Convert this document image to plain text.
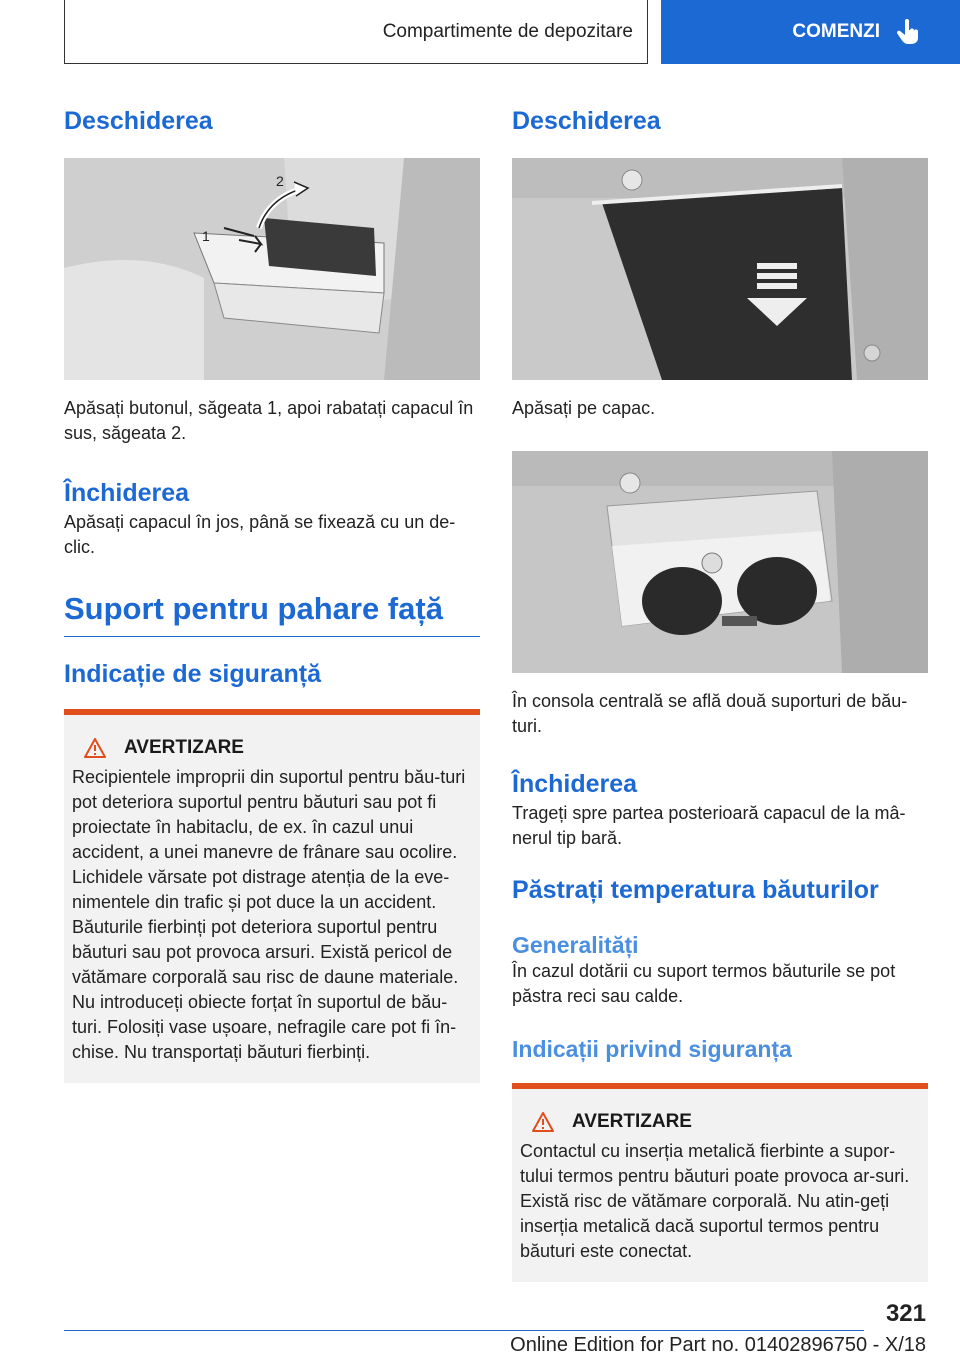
Compartimente de depozitare	COMENZI
Deschiderea
1
2

Apăsați butonul, săgeata 1, apoi rabatați capacul în sus, săgeata 2.

Închiderea

Apăsați capacul în jos, până se fixează cu un de-clic.

Suport pentru pahare față
Indicație de siguranță
AVERTIZARE

Recipientele improprii din suportul pentru bău-turi pot deteriora suportul pentru băuturi sau pot fi proiectate în habitaclu, de ex. în cazul unui accident, a unei manevre de frânare sau ocolire. Lichidele vărsate pot distrage atenția de la eve-nimentele din trafic și pot duce la un accident. Băuturile fierbinți pot deteriora suportul pentru băuturi sau pot provoca arsuri. Există pericol de vătămare corporală sau risc de daune materiale. Nu introduceți obiecte forțat în suportul de bău-turi. Folosiți vase ușoare, nefragile care pot fi în-chise. Nu transportați băuturi fierbinți.

Deschiderea

Apăsați pe capac.

În consola centrală se află două suporturi de bău-turi.

Închiderea

Trageți spre partea posterioară capacul de la mâ-nerul tip bară.

Păstrați temperatura băuturilor
Generalități

În cazul dotării cu suport termos băuturile se pot păstra reci sau calde.

Indicații privind siguranța
AVERTIZARE

Contactul cu inserția metalică fierbinte a supor-tului termos pentru băuturi poate provoca ar-suri. Există risc de vătămare corporală. Nu atin-geți inserția metalică dacă suportul termos pentru băuturi este conectat.

321
Online Edition for Part no. 01402896750 - X/18
